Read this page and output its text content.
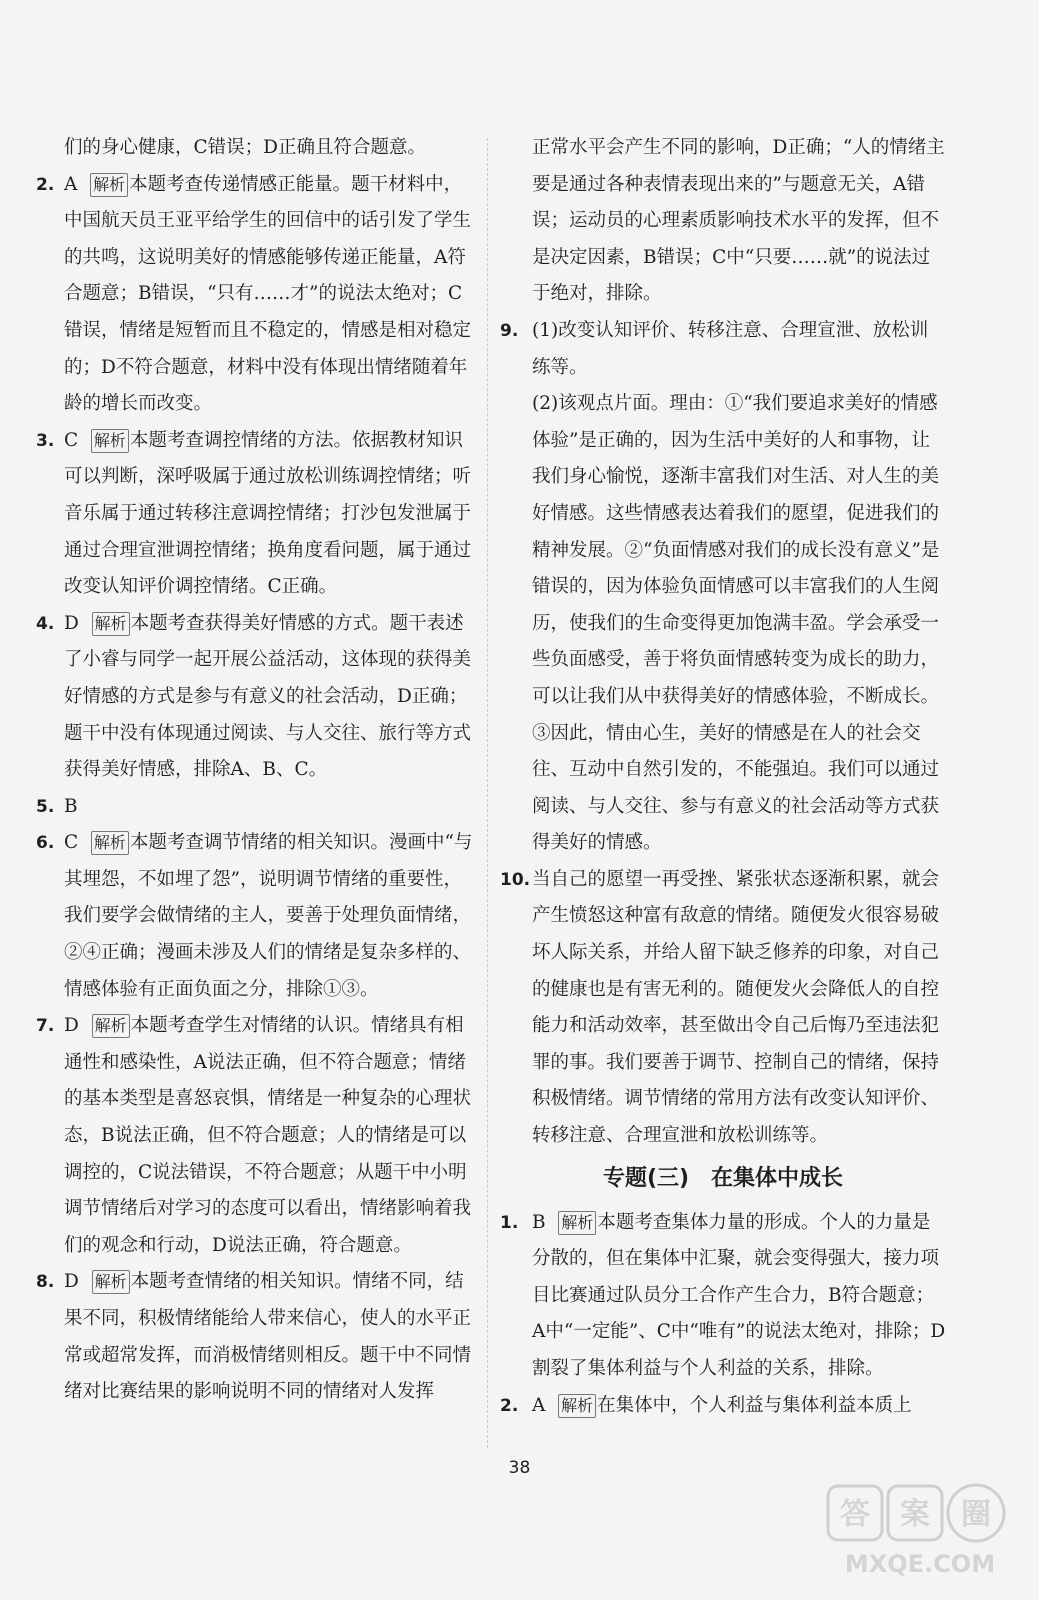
们的身心健康，C错误；D正确且符合题意。
2. A 解析 本题考查传递情感正能量。题干材料中，中国航天员王亚平给学生的回信中的话引发了学生的共鸣，这说明美好的情感能够传递正能量，A符合题意；B错误，“只有……才”的说法太绝对；C错误，情绪是短暂而且不稳定的，情感是相对稳定的；D不符合题意，材料中没有体现出情绪随着年龄的增长而改变。
3. C 解析 本题考查调控情绪的方法。依据教材知识可以判断，深呼吸属于通过放松训练调控情绪；听音乐属于通过转移注意调控情绪；打沙包发泄属于通过合理宣泄调控情绪；换角度看问题，属于通过改变认知评价调控情绪。C正确。
4. D 解析 本题考查获得美好情感的方式。题干表述了小睿与同学一起开展公益活动，这体现的获得美好情感的方式是参与有意义的社会活动，D正确；题干中没有体现通过阅读、与人交往、旅行等方式获得美好情感，排除A、B、C。
5. B
6. C 解析 本题考查调节情绪的相关知识。漫画中“与其埋怨，不如埋了怨”，说明调节情绪的重要性，我们要学会做情绪的主人，要善于处理负面情绪，②④正确；漫画未涉及人们的情绪是复杂多样的、情感体验有正面负面之分，排除①③。
7. D 解析 本题考查学生对情绪的认识。情绪具有相通性和感染性，A说法正确，但不符合题意；情绪的基本类型是喜怒哀惧，情绪是一种复杂的心理状态，B说法正确，但不符合题意；人的情绪是可以调控的，C说法错误，不符合题意；从题干中小明调节情绪后对学习的态度可以看出，情绪影响着我们的观念和行动，D说法正确，符合题意。
8. D 解析 本题考查情绪的相关知识。情绪不同，结果不同，积极情绪能给人带来信心，使人的水平正常或超常发挥，而消极情绪则相反。题干中不同情绪对比赛结果的影响说明不同的情绪对人发挥
正常水平会产生不同的影响，D正确；“人的情绪主要是通过各种表情表现出来的”与题意无关，A错误；运动员的心理素质影响技术水平的发挥，但不是决定因素，B错误；C中“只要……就”的说法过于绝对，排除。
9. (1)改变认知评价、转移注意、合理宣泄、放松训练等。
(2)该观点片面。理由：①“我们要追求美好的情感体验”是正确的，因为生活中美好的人和事物，让我们身心愉悦，逐渐丰富我们对生活、对人生的美好情感。这些情感表达着我们的愿望，促进我们的精神发展。②“负面情感对我们的成长没有意义”是错误的，因为体验负面情感可以丰富我们的人生阅历，使我们的生命变得更加饱满丰盈。学会承受一些负面感受，善于将负面情感转变为成长的助力，可以让我们从中获得美好的情感体验，不断成长。③因此，情由心生，美好的情感是在人的社会交往、互动中自然引发的，不能强迫。我们可以通过阅读、与人交往、参与有意义的社会活动等方式获得美好的情感。
10. 当自己的愿望一再受挫、紧张状态逐渐积累，就会产生愤怒这种富有敌意的情绪。随便发火很容易破坏人际关系，并给人留下缺乏修养的印象，对自己的健康也是有害无利的。随便发火会降低人的自控能力和活动效率，甚至做出令自己后悔乃至违法犯罪的事。我们要善于调节、控制自己的情绪，保持积极情绪。调节情绪的常用方法有改变认知评价、转移注意、合理宣泄和放松训练等。
专题(三)　在集体中成长
1. B 解析 本题考查集体力量的形成。个人的力量是分散的，但在集体中汇聚，就会变得强大，接力项目比赛通过队员分工合作产生合力，B符合题意；A中“一定能”、C中“唯有”的说法太绝对，排除；D割裂了集体利益与个人利益的关系，排除。
2. A 解析 在集体中，个人利益与集体利益本质上
38
答 案 圈
MXQE.COM
